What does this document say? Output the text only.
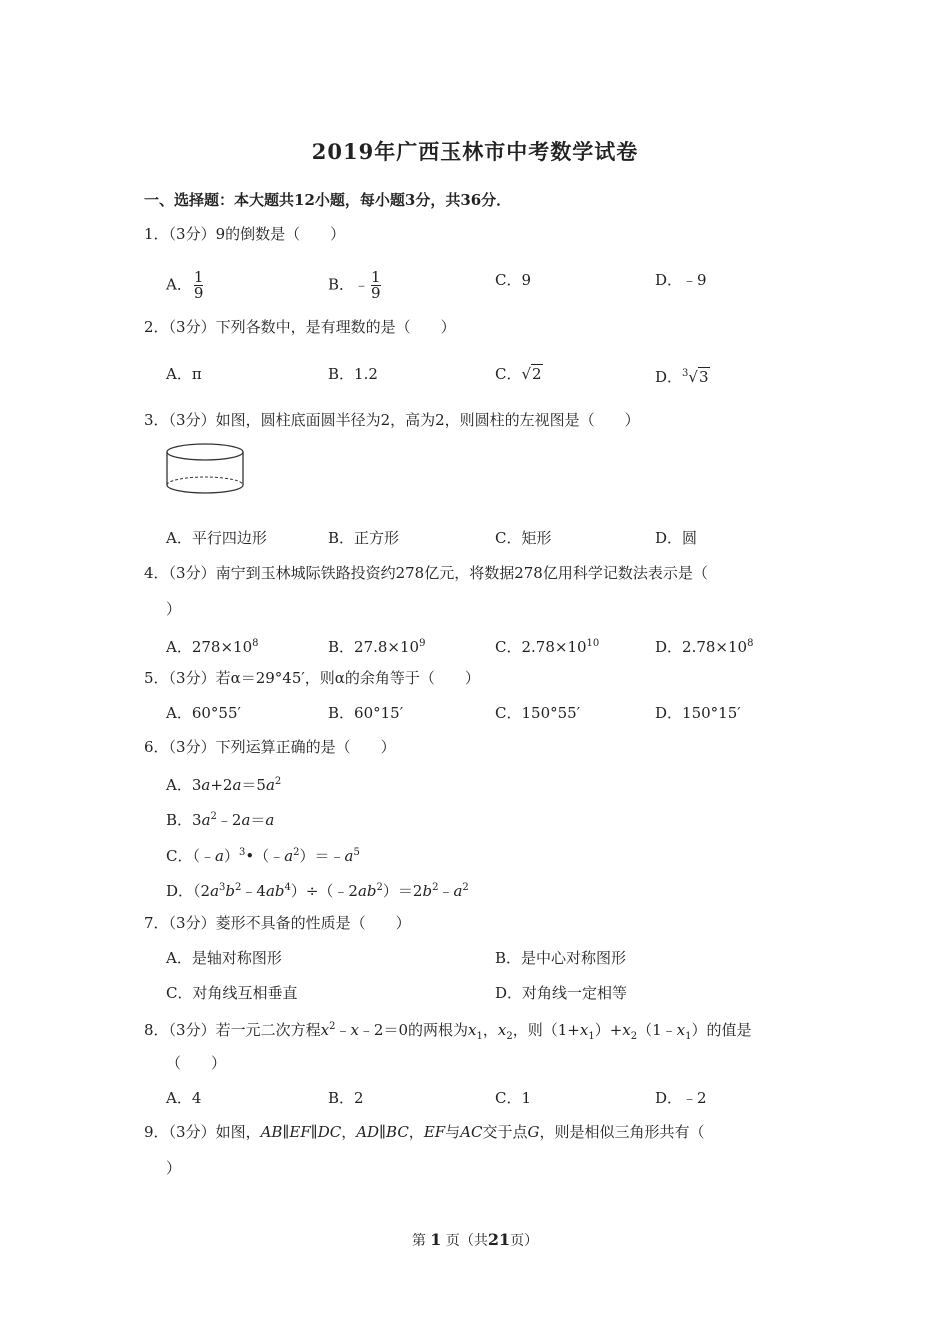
2019年广西玉林市中考数学试卷
一、选择题：本大题共12小题，每小题3分，共36分．
1．（3分）9的倒数是（　　）
A． $\frac{1}{9}$	B．﹣ $\frac{1}{9}$	C．9	D．﹣9
2．（3分）下列各数中，是有理数的是（　　）
A．π	B．1.2	C．√2	D．$^3$√3
3．（3分）如图，圆柱底面圆半径为2，高为2，则圆柱的左视图是（　　）
A．平行四边形	B．正方形	C．矩形	D．圆
4．（3分）南宁到玉林城际铁路投资约278亿元，将数据278亿用科学记数法表示是（
）
A．$278\times 10^8$	B．$27.8\times 10^9$	C．$2.78\times 10^{10}$	D．$2.78\times 10^8$
5．（3分）若α＝29°45′，则α的余角等于（　　）
A．60°55′	B．60°15′	C．150°55′	D．150°15′
6．（3分）下列运算正确的是（　　）
A．$3a+2a=5a^2$
B．$3a^2﹣2a=a$
C．$(﹣a)^3•(﹣a^2)=﹣a^5$
D．$(2a^3b^2﹣4ab^4)\div(﹣2ab^2)=2b^2﹣a^2$
7．（3分）菱形不具备的性质是（　　）
A．是轴对称图形	B．是中心对称图形
C．对角线互相垂直	D．对角线一定相等
8．（3分）若一元二次方程$x^2﹣x﹣2=0$的两根为$x_1$，$x_2$，则$(1+x_1)+x_2(1﹣x_1)$的值是
（　　）
A．4	B．2	C．1	D．﹣2
9．（3分）如图，AB∥EF∥DC，AD∥BC，EF与AC交于点G，则是相似三角形共有（
）
第 1 页（共21页）
